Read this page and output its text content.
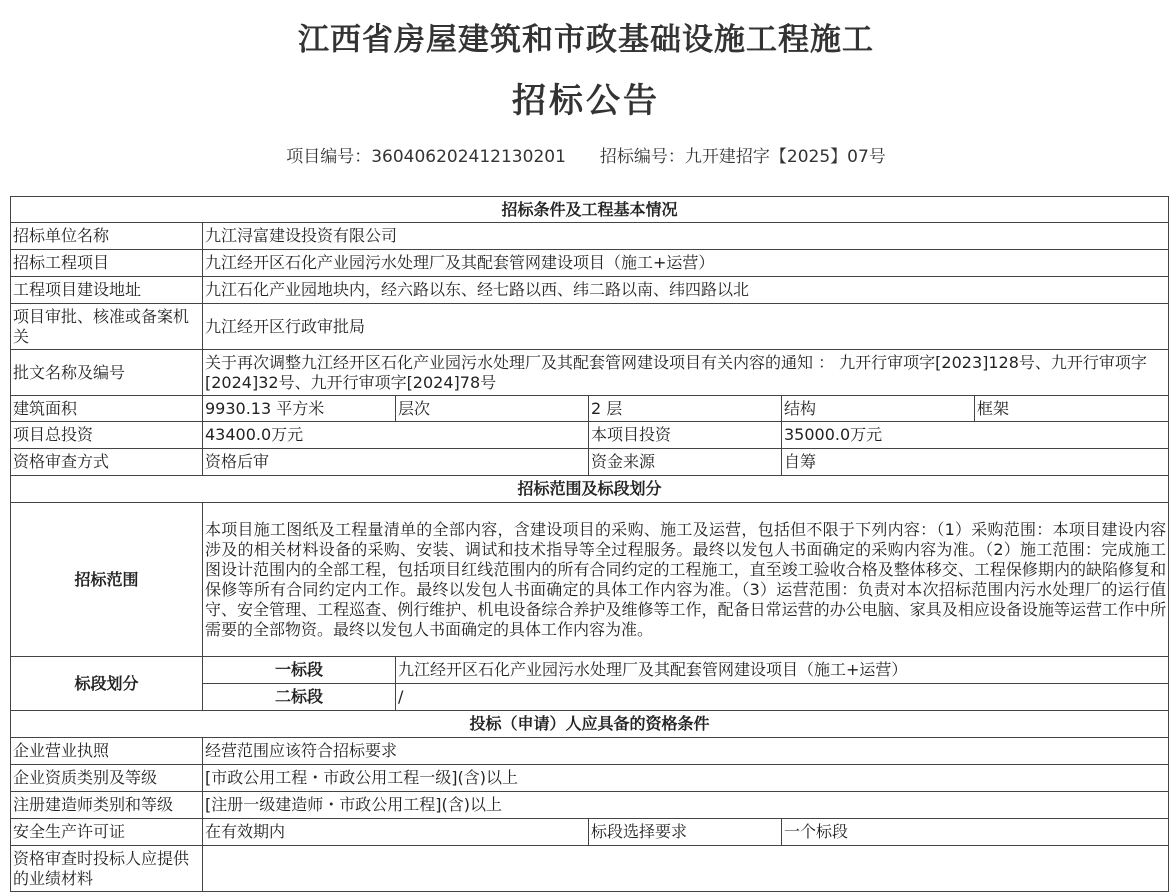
江西省房屋建筑和市政基础设施工程施工
招标公告
项目编号：360406202412130201 招标编号：九开建招字【2025】07号
招标条件及工程基本情况					
招标单位名称	九江浔富建设投资有限公司				
招标工程项目	九江经开区石化产业园污水处理厂及其配套管网建设项目（施工+运营）				
工程项目建设地址	九江石化产业园地块内，经六路以东、经七路以西、纬二路以南、纬四路以北				
项目审批、核准或备案机关	九江经开区行政审批局				
批文名称及编号	关于再次调整九江经开区石化产业园污水处理厂及其配套管网建设项目有关内容的通知 ： 九开行审项字[2023]128号、九开行审项字[2024]32号、九开行审项字[2024]78号				
建筑面积	9930.13 平方米	层次	2 层	结构	框架
项目总投资	43400.0万元		本项目投资	35000.0万元	
资格审查方式	资格后审		资金来源	自筹	
招标范围及标段划分					
招标范围	本项目施工图纸及工程量清单的全部内容，含建设项目的采购、施工及运营，包括但不限于下列内容：（1）采购范围：本项目建设内容涉及的相关材料设备的采购、安装、调试和技术指导等全过程服务。最终以发包人书面确定的采购内容为准。（2）施工范围：完成施工图设计范围内的全部工程，包括项目红线范围内的所有合同约定的工程施工，直至竣工验收合格及整体移交、工程保修期内的缺陷修复和保修等所有合同约定内工作。最终以发包人书面确定的具体工作内容为准。（3）运营范围：负责对本次招标范围内污水处理厂的运行值守、安全管理、工程巡查、例行维护、机电设备综合养护及维修等工作，配备日常运营的办公电脑、家具及相应设备设施等运营工作中所需要的全部物资。最终以发包人书面确定的具体工作内容为准。				
标段划分	一标段	九江经开区石化产业园污水处理厂及其配套管网建设项目（施工+运营）			
	二标段	/			
投标（申请）人应具备的资格条件					
企业营业执照	经营范围应该符合招标要求				
企业资质类别及等级	[市政公用工程・市政公用工程一级](含)以上				
注册建造师类别和等级	[注册一级建造师・市政公用工程](含)以上				
安全生产许可证	在有效期内		标段选择要求	一个标段	
资格审查时投标人应提供的业绩材料					
